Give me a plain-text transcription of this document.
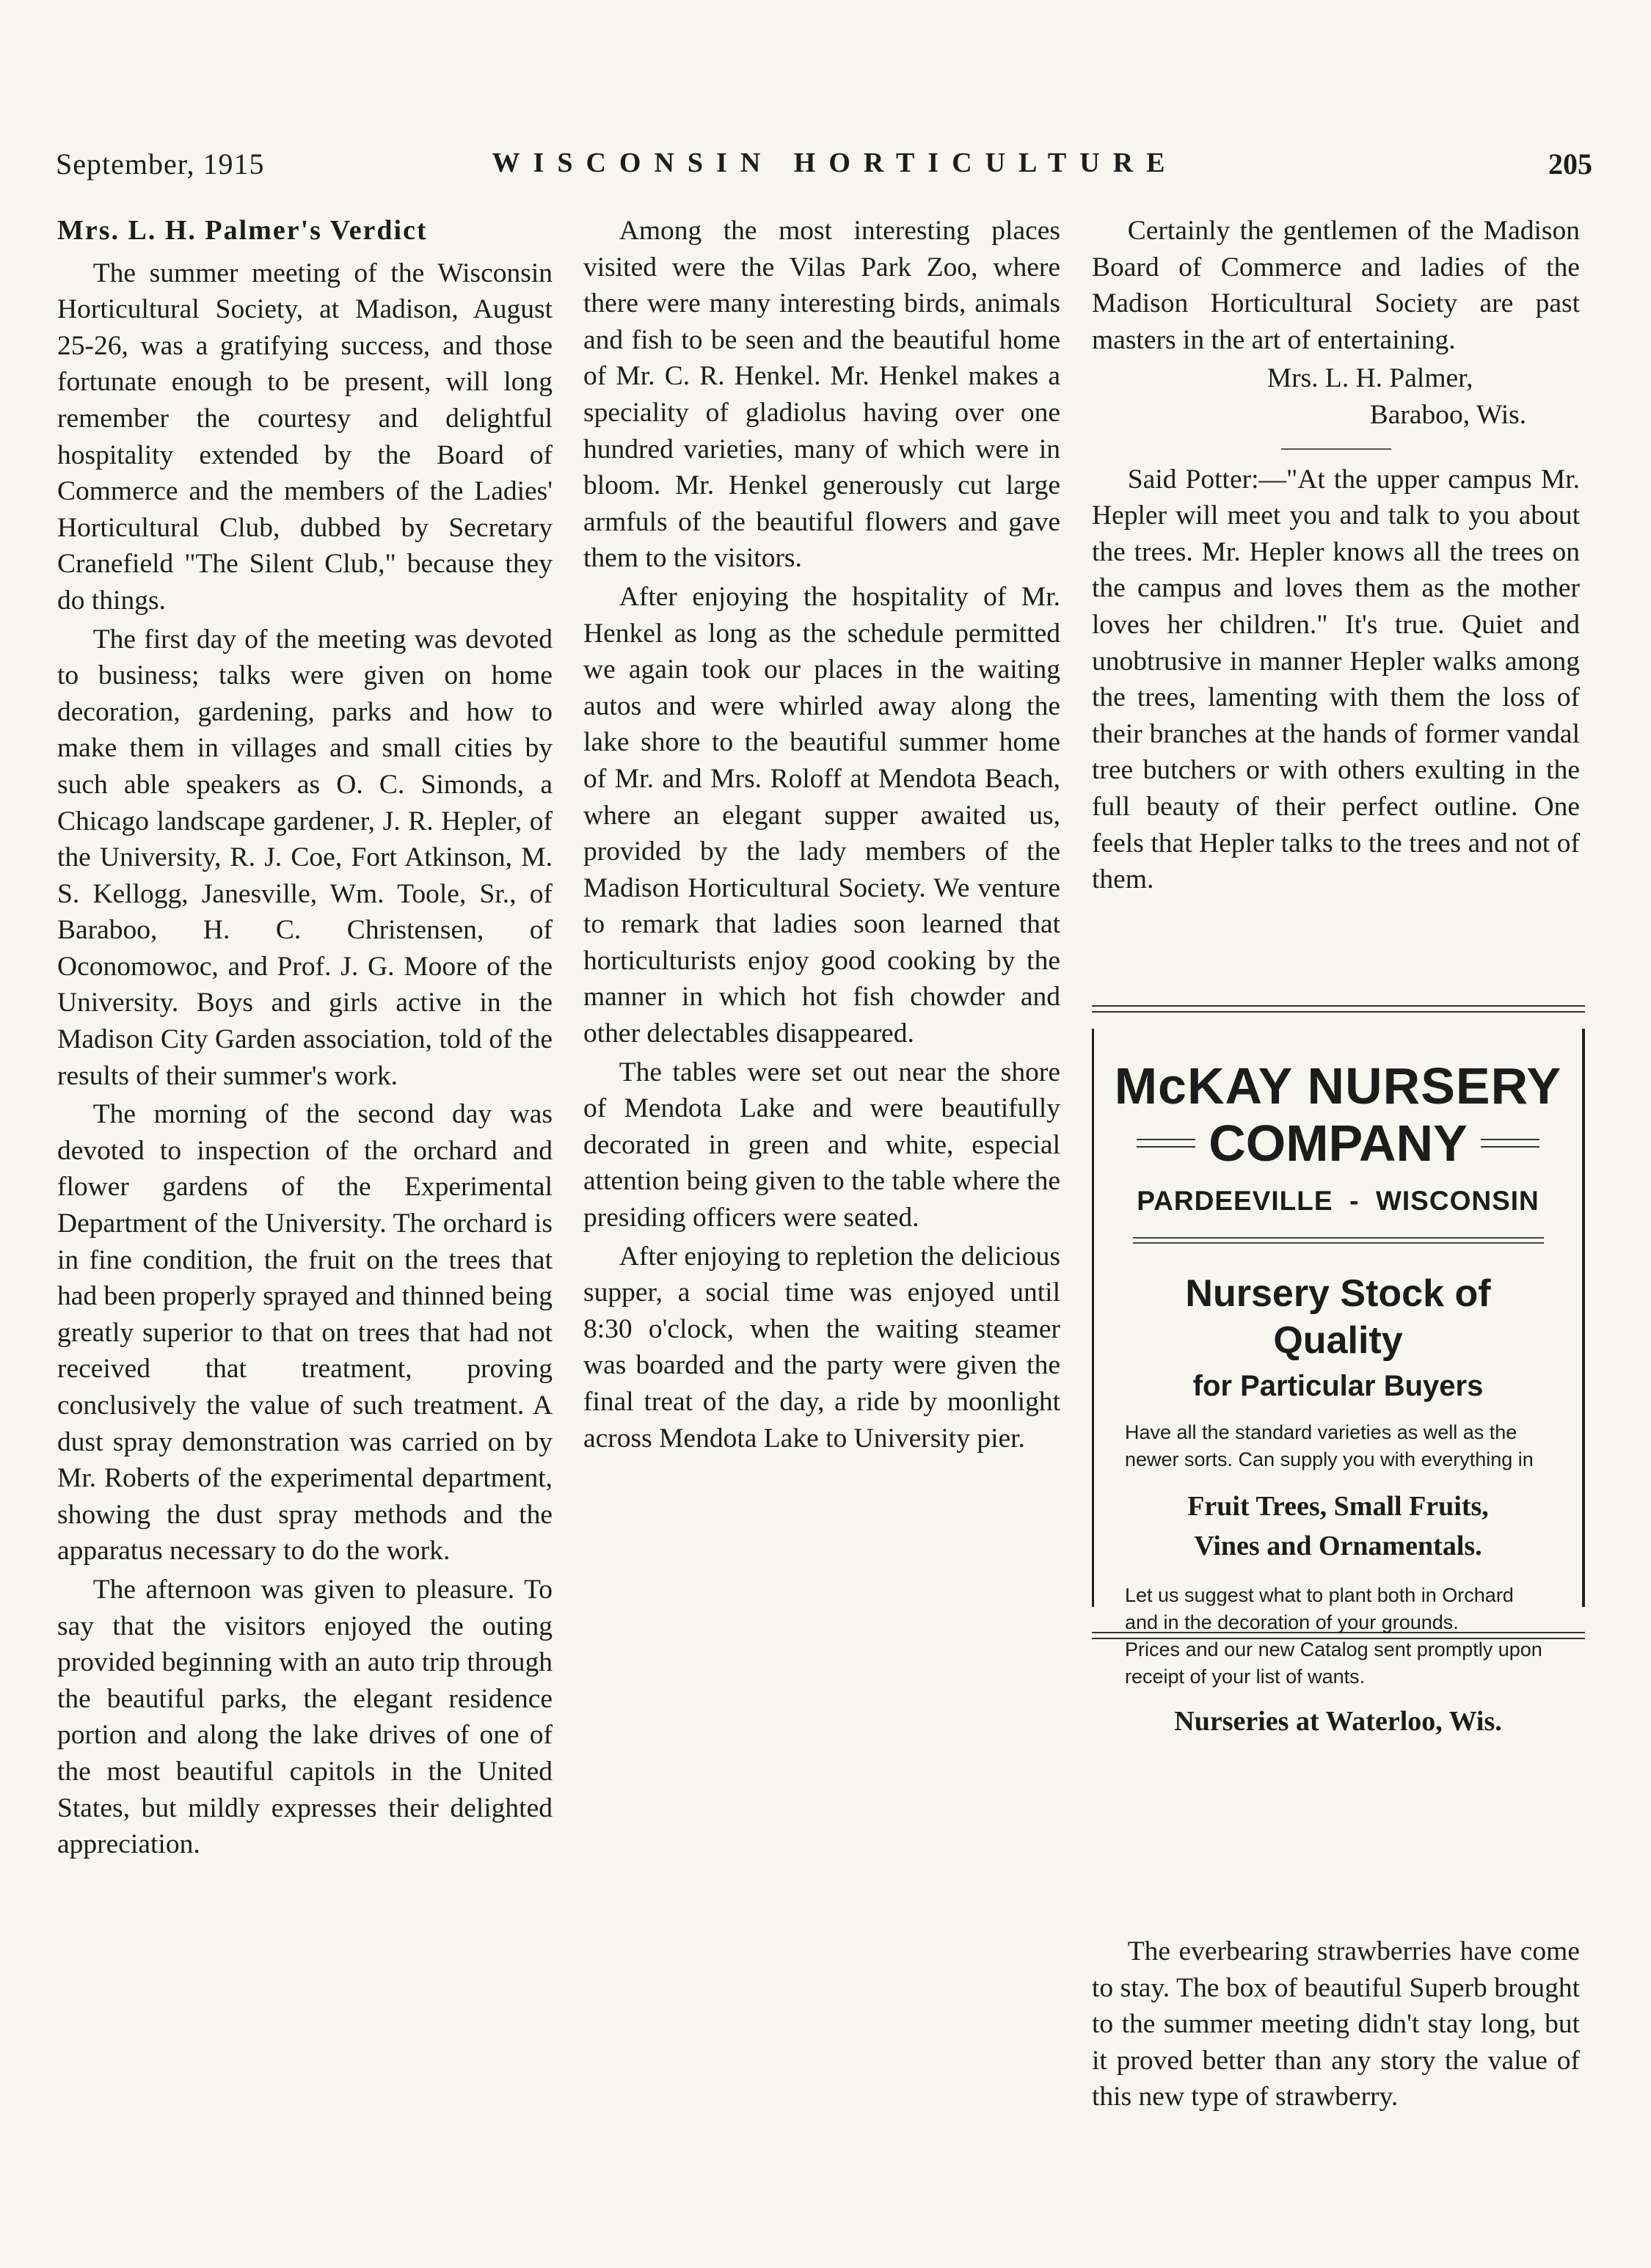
September, 1915	WISCONSIN HORTICULTURE	205
Mrs. L. H. Palmer's Verdict

The summer meeting of the Wisconsin Horticultural Society, at Madison, August 25-26, was a gratifying success, and those fortunate enough to be present, will long remember the courtesy and delightful hospitality extended by the Board of Commerce and the members of the Ladies' Horticultural Club, dubbed by Secretary Cranefield "The Silent Club," because they do things.

The first day of the meeting was devoted to business; talks were given on home decoration, gardening, parks and how to make them in villages and small cities by such able speakers as O. C. Simonds, a Chicago landscape gardener, J. R. Hepler, of the University, R. J. Coe, Fort Atkinson, M. S. Kellogg, Janesville, Wm. Toole, Sr., of Baraboo, H. C. Christensen, of Oconomowoc, and Prof. J. G. Moore of the University. Boys and girls active in the Madison City Garden association, told of the results of their summer's work.

The morning of the second day was devoted to inspection of the orchard and flower gardens of the Experimental Department of the University. The orchard is in fine condition, the fruit on the trees that had been properly sprayed and thinned being greatly superior to that on trees that had not received that treatment, proving conclusively the value of such treatment. A dust spray demonstration was carried on by Mr. Roberts of the experimental department, showing the dust spray methods and the apparatus necessary to do the work.

The afternoon was given to pleasure. To say that the visitors enjoyed the outing provided beginning with an auto trip through the beautiful parks, the elegant residence portion and along the lake drives of one of the most beautiful capitols in the United States, but mildly expresses their delighted appreciation.

Among the most interesting places visited were the Vilas Park Zoo, where there were many interesting birds, animals and fish to be seen and the beautiful home of Mr. C. R. Henkel. Mr. Henkel makes a speciality of gladiolus having over one hundred varieties, many of which were in bloom. Mr. Henkel generously cut large armfuls of the beautiful flowers and gave them to the visitors.

After enjoying the hospitality of Mr. Henkel as long as the schedule permitted we again took our places in the waiting autos and were whirled away along the lake shore to the beautiful summer home of Mr. and Mrs. Roloff at Mendota Beach, where an elegant supper awaited us, provided by the lady members of the Madison Horticultural Society. We venture to remark that ladies soon learned that horticulturists enjoy good cooking by the manner in which hot fish chowder and other delectables disappeared.

The tables were set out near the shore of Mendota Lake and were beautifully decorated in green and white, especial attention being given to the table where the presiding officers were seated.

After enjoying to repletion the delicious supper, a social time was enjoyed until 8:30 o'clock, when the waiting steamer was boarded and the party were given the final treat of the day, a ride by moonlight across Mendota Lake to University pier.

Certainly the gentlemen of the Madison Board of Commerce and ladies of the Madison Horticultural Society are past masters in the art of entertaining.

Mrs. L. H. Palmer,
Baraboo, Wis.

Said Potter:—"At the upper campus Mr. Hepler will meet you and talk to you about the trees. Mr. Hepler knows all the trees on the campus and loves them as the mother loves her children." It's true. Quiet and unobtrusive in manner Hepler walks among the trees, lamenting with them the loss of their branches at the hands of former vandal tree butchers or with others exulting in the full beauty of their perfect outline. One feels that Hepler talks to the trees and not of them.

McKAY NURSERY
COMPANY
PARDEEVILLE  -  WISCONSIN
Nursery Stock of
Quality
for Particular Buyers
Have all the standard varieties as well as the newer sorts. Can supply you with everything in
Fruit Trees, Small Fruits,
Vines and Ornamentals.
Let us suggest what to plant both in Orchard and in the decoration of your grounds.
Prices and our new Catalog sent promptly upon receipt of your list of wants.
Nurseries at Waterloo, Wis.

The everbearing strawberries have come to stay. The box of beautiful Superb brought to the summer meeting didn't stay long, but it proved better than any story the value of this new type of strawberry.
